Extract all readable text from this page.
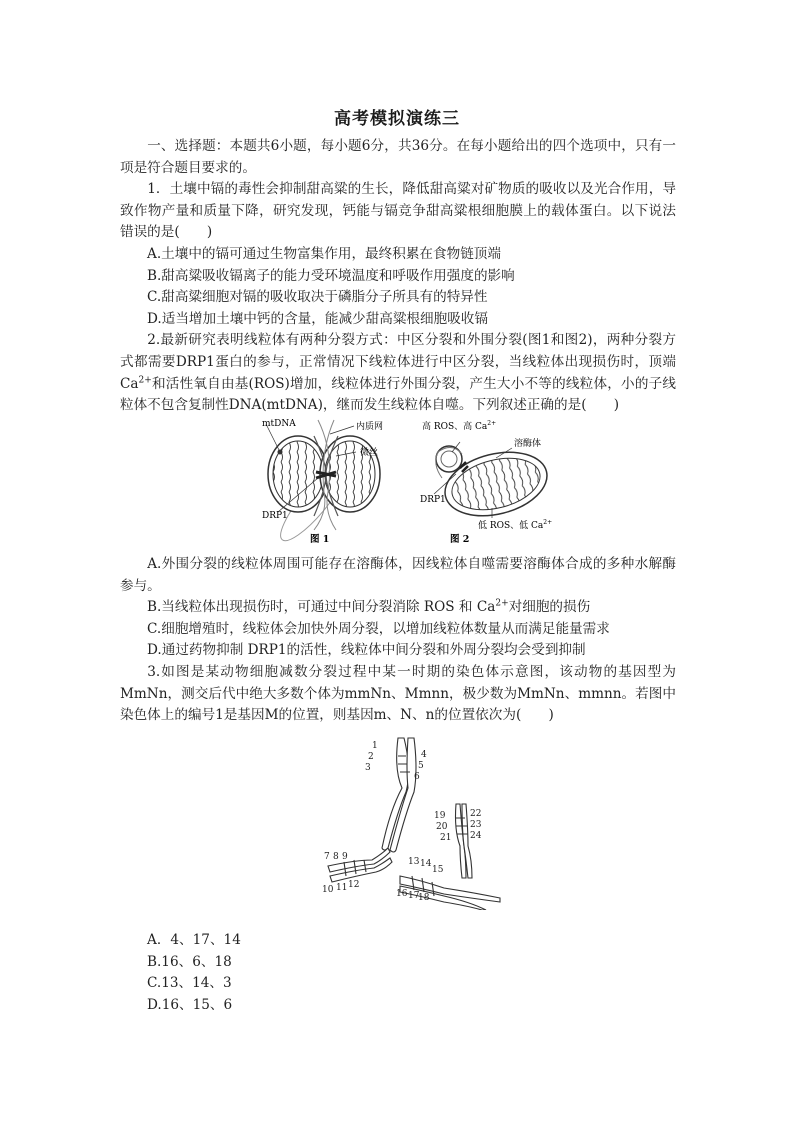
高考模拟演练三

一、选择题：本题共6小题，每小题6分，共36分。在每小题给出的四个选项中，只有一项是符合题目要求的。

1．土壤中镉的毒性会抑制甜高粱的生长，降低甜高粱对矿物质的吸收以及光合作用，导致作物产量和质量下降，研究发现，钙能与镉竞争甜高粱根细胞膜上的载体蛋白。以下说法错误的是(　　)

A.土壤中的镉可通过生物富集作用，最终积累在食物链顶端

B.甜高粱吸收镉离子的能力受环境温度和呼吸作用强度的影响

C.甜高粱细胞对镉的吸收取决于磷脂分子所具有的特异性

D.适当增加土壤中钙的含量，能减少甜高粱根细胞吸收镉

2.最新研究表明线粒体有两种分裂方式：中区分裂和外围分裂(图1和图2)，两种分裂方式都需要DRP1蛋白的参与，正常情况下线粒体进行中区分裂，当线粒体出现损伤时，顶端$Ca^{2+}$和活性氧自由基(ROS)增加，线粒体进行外围分裂，产生大小不等的线粒体，小的子线粒体不包含复制性DNA(mtDNA)，继而发生线粒体自噬。下列叙述正确的是(　　)

mtDNA	内质网
微丝
DRP1
图 1
高 ROS、高 $Ca^{2+}$
溶酶体
DRP1
低 ROS、低 $Ca^{2+}$
图 2

A.外围分裂的线粒体周围可能存在溶酶体，因线粒体自噬需要溶酶体合成的多种水解酶参与。

B.当线粒体出现损伤时，可通过中间分裂消除 ROS 和 $Ca^{2+}$对细胞的损伤

C.细胞增殖时，线粒体会加快外周分裂，以增加线粒体数量从而满足能量需求

D.通过药物抑制 DRP1的活性，线粒体中间分裂和外周分裂均会受到抑制

3.如图是某动物细胞减数分裂过程中某一时期的染色体示意图，该动物的基因型为MmNn，测交后代中绝大多数个体为mmNn、Mmnn，极少数为MmNn、mmnn。若图中染色体上的编号1是基因M的位置，则基因m、N、n的位置依次为(　　)

1
2
3
4
5
6
7 8 9
10 11 12
13 14
15
16 17
18
19
20
21
22
23
24

A．4、17、14

B.16、6、18

C.13、14、3

D.16、15、6
